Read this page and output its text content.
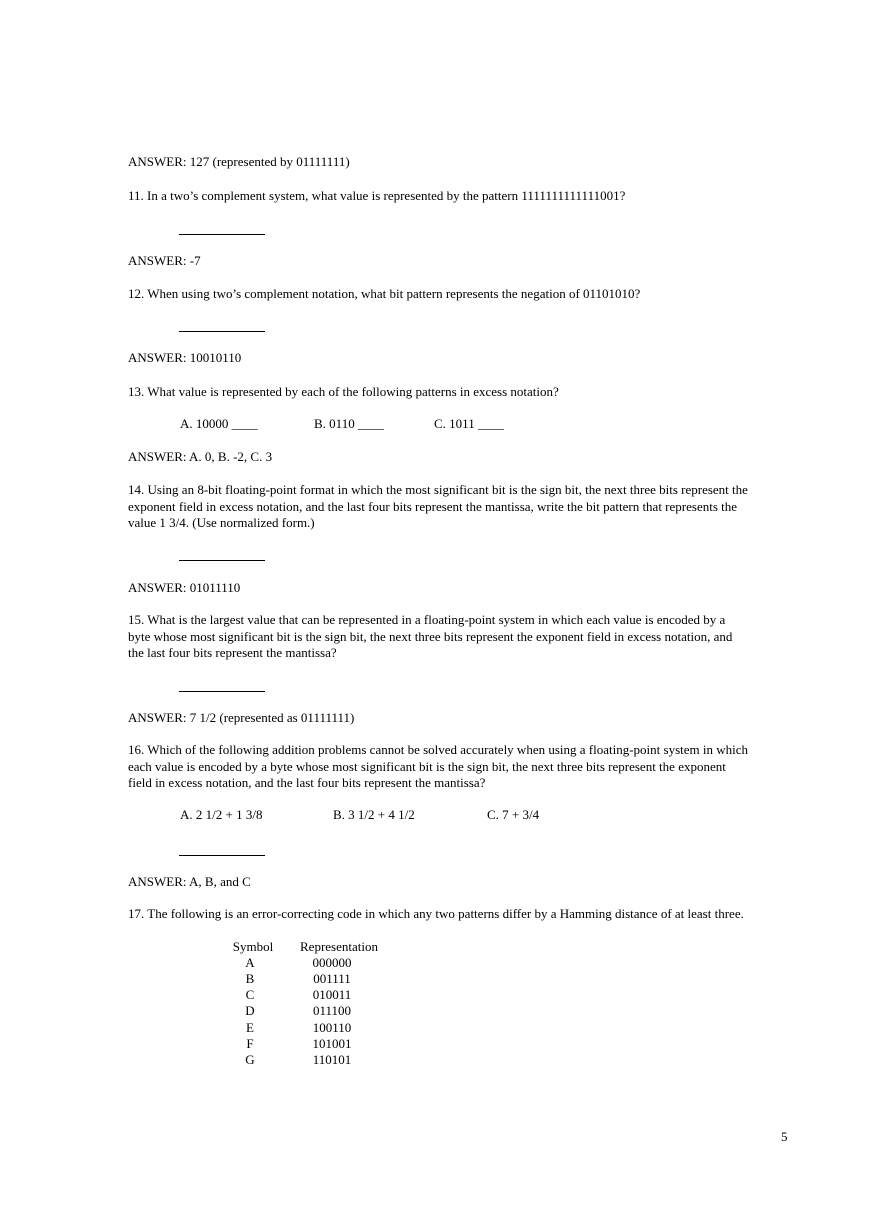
ANSWER: 127 (represented by 01111111)
11. In a two’s complement system, what value is represented by the pattern 1111111111111001?
ANSWER: -7
12. When using two’s complement notation, what bit pattern represents the negation of 01101010?
ANSWER: 10010110
13. What value is represented by each of the following patterns in excess notation?
A. 10000 ____	B. 0110 ____	C. 1011 ____
ANSWER: A. 0, B. -2, C. 3
14. Using an 8-bit floating-point format in which the most significant bit is the sign bit, the next three bits represent the exponent field in excess notation, and the last four bits represent the mantissa, write the bit pattern that represents the value 1 3/4. (Use normalized form.)
ANSWER: 01011110
15. What is the largest value that can be represented in a floating-point system in which each value is encoded by a byte whose most significant bit is the sign bit, the next three bits represent the exponent field in excess notation, and the last four bits represent the mantissa?
ANSWER: 7 1/2 (represented as 01111111)
16. Which of the following addition problems cannot be solved accurately when using a floating-point system in which each value is encoded by a byte whose most significant bit is the sign bit, the next three bits represent the exponent field in excess notation, and the last four bits represent the mantissa?
A. 2 1/2 + 1 3/8	B. 3 1/2 + 4 1/2	C. 7 + 3/4
ANSWER: A, B, and C
17. The following is an error-correcting code in which any two patterns differ by a Hamming distance of at least three.
Symbol	Representation
A	000000
B	001111
C	010011
D	011100
E	100110
F	101001
G	110101
5
